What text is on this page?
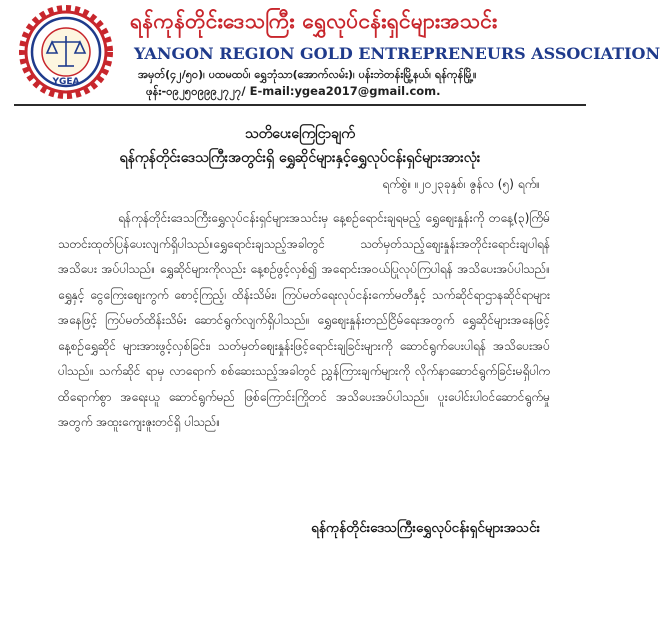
YGEA
ရန်ကုန်တိုင်းဒေသကြီး ရွှေလုပ်ငန်းရှင်များအသင်း
YANGON REGION GOLD ENTREPRENEURS ASSOCIATION
အမှတ်(၄၂/၅၀)၊ ပထမထပ်၊ ရွှေဘုံသာ(အောက်လမ်း)၊ ပန်းဘဲတန်းမြို့နယ်၊ ရန်ကုန်မြို့။
ဖုန်း-၀၉၂၅၀၉၉၉၂၇၂၇/ E-mail:ygea2017@gmail.com.
သတိပေးကြေငြာချက်
ရန်ကုန်တိုင်းဒေသကြီးအတွင်းရှိ ရွှေဆိုင်များနှင့်ရွှေလုပ်ငန်းရှင်များအားလုံး
ရက်စွဲ။ ။၂၀၂၃ခုနှစ်၊ ဇွန်လ (၅) ရက်။
ရန်ကုန်တိုင်းဒေသကြီးရွှေလုပ်ငန်းရှင်များအသင်းမှ နေ့စဉ်ရောင်းချရမည့် ရွှေစျေးနှုန်းကို တနေ့(၃)ကြိမ် သတင်းထုတ်ပြန်ပေးလျက်ရှိပါသည်။ရွှေရောင်းချသည့်အခါတွင် သတ်မှတ်သည့်စျေးနှုန်းအတိုင်းရောင်းချပါရန် အသိပေး အပ်ပါသည်။ ရွှေဆိုင်များကိုလည်း နေ့စဉ်ဖွင့်လှစ်၍ အရောင်းအဝယ်ပြုလုပ်ကြပါရန် အသိပေးအပ်ပါသည်။ ရွှေနှင့် ငွေကြေးစျေးကွက် စောင့်ကြည့်၊ ထိန်းသိမ်း၊ ကြပ်မတ်ရေးလုပ်ငန်းကော်မတီနှင့် သက်ဆိုင်ရာဌာနဆိုင်ရာများအနေဖြင့် ကြပ်မတ်ထိန်းသိမ်း ဆောင်ရွက်လျက်ရှိပါသည်။ ရွှေစျေးနှုန်းတည်ငြိမ်ရေးအတွက် ရွှေဆိုင်များအနေဖြင့် နေ့စဉ်ရွှေဆိုင် များအားဖွင့်လှစ်ခြင်း၊ သတ်မှတ်စျေးနှုန်းဖြင့်ရောင်းချခြင်းများကို ဆောင်ရွက်ပေးပါရန် အသိပေးအပ်ပါသည်။ သက်ဆိုင် ရာမှ လာရောက် စစ်ဆေးသည့်အခါတွင် ညွှန်ကြားချက်များကို လိုက်နာဆောင်ရွက်ခြင်းမရှိပါက ထိရောက်စွာ အရေးယူ ဆောင်ရွက်မည် ဖြစ်ကြောင်းကြိုတင် အသိပေးအပ်ပါသည်။ ပူးပေါင်းပါဝင်ဆောင်ရွက်မှုအတွက် အထူးကျေးဇူးတင်ရှိ ပါသည်။
ရန်ကုန်တိုင်းဒေသကြီးရွှေလုပ်ငန်းရှင်များအသင်း
